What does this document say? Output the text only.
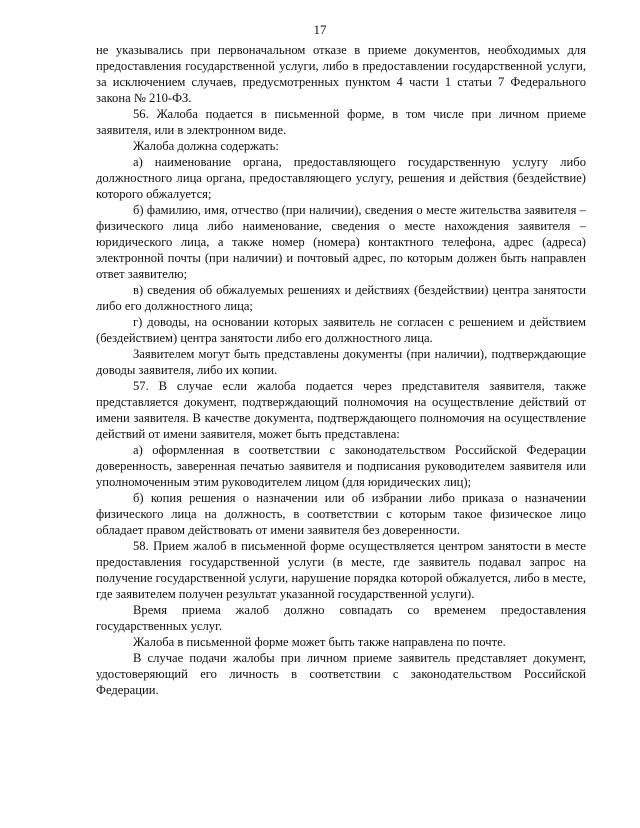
17

не указывались при первоначальном отказе в приеме документов, необходимых для предоставления государственной услуги, либо в предоставлении государственной услуги, за исключением случаев, предусмотренных пунктом 4 части 1 статьи 7 Федерального закона № 210-ФЗ.

56. Жалоба подается в письменной форме, в том числе при личном приеме заявителя, или в электронном виде.

Жалоба должна содержать:

а) наименование органа, предоставляющего государственную услугу либо должностного лица органа, предоставляющего услугу, решения и действия (бездействие) которого обжалуется;

б) фамилию, имя, отчество (при наличии), сведения о месте жительства заявителя – физического лица либо наименование, сведения о месте нахождения заявителя – юридического лица, а также номер (номера) контактного телефона, адрес (адреса) электронной почты (при наличии) и почтовый адрес, по которым должен быть направлен ответ заявителю;

в) сведения об обжалуемых решениях и действиях (бездействии) центра занятости либо его должностного лица;

г) доводы, на основании которых заявитель не согласен с решением и действием (бездействием) центра занятости либо его должностного лица.

Заявителем могут быть представлены документы (при наличии), подтверждающие доводы заявителя, либо их копии.

57. В случае если жалоба подается через представителя заявителя, также представляется документ, подтверждающий полномочия на осуществление действий от имени заявителя. В качестве документа, подтверждающего полномочия на осуществление действий от имени заявителя, может быть представлена:

а) оформленная в соответствии с законодательством Российской Федерации доверенность, заверенная печатью заявителя и подписания руководителем заявителя или уполномоченным этим руководителем лицом (для юридических лиц);

б) копия решения о назначении или об избрании либо приказа о назначении физического лица на должность, в соответствии с которым такое физическое лицо обладает правом действовать от имени заявителя без доверенности.

58. Прием жалоб в письменной форме осуществляется центром занятости в месте предоставления государственной услуги (в месте, где заявитель подавал запрос на получение государственной услуги, нарушение порядка которой обжалуется, либо в месте, где заявителем получен результат указанной государственной услуги).

Время приема жалоб должно совпадать со временем предоставления государственных услуг.

Жалоба в письменной форме может быть также направлена по почте.

В случае подачи жалобы при личном приеме заявитель представляет документ, удостоверяющий его личность в соответствии с законодательством Российской Федерации.
